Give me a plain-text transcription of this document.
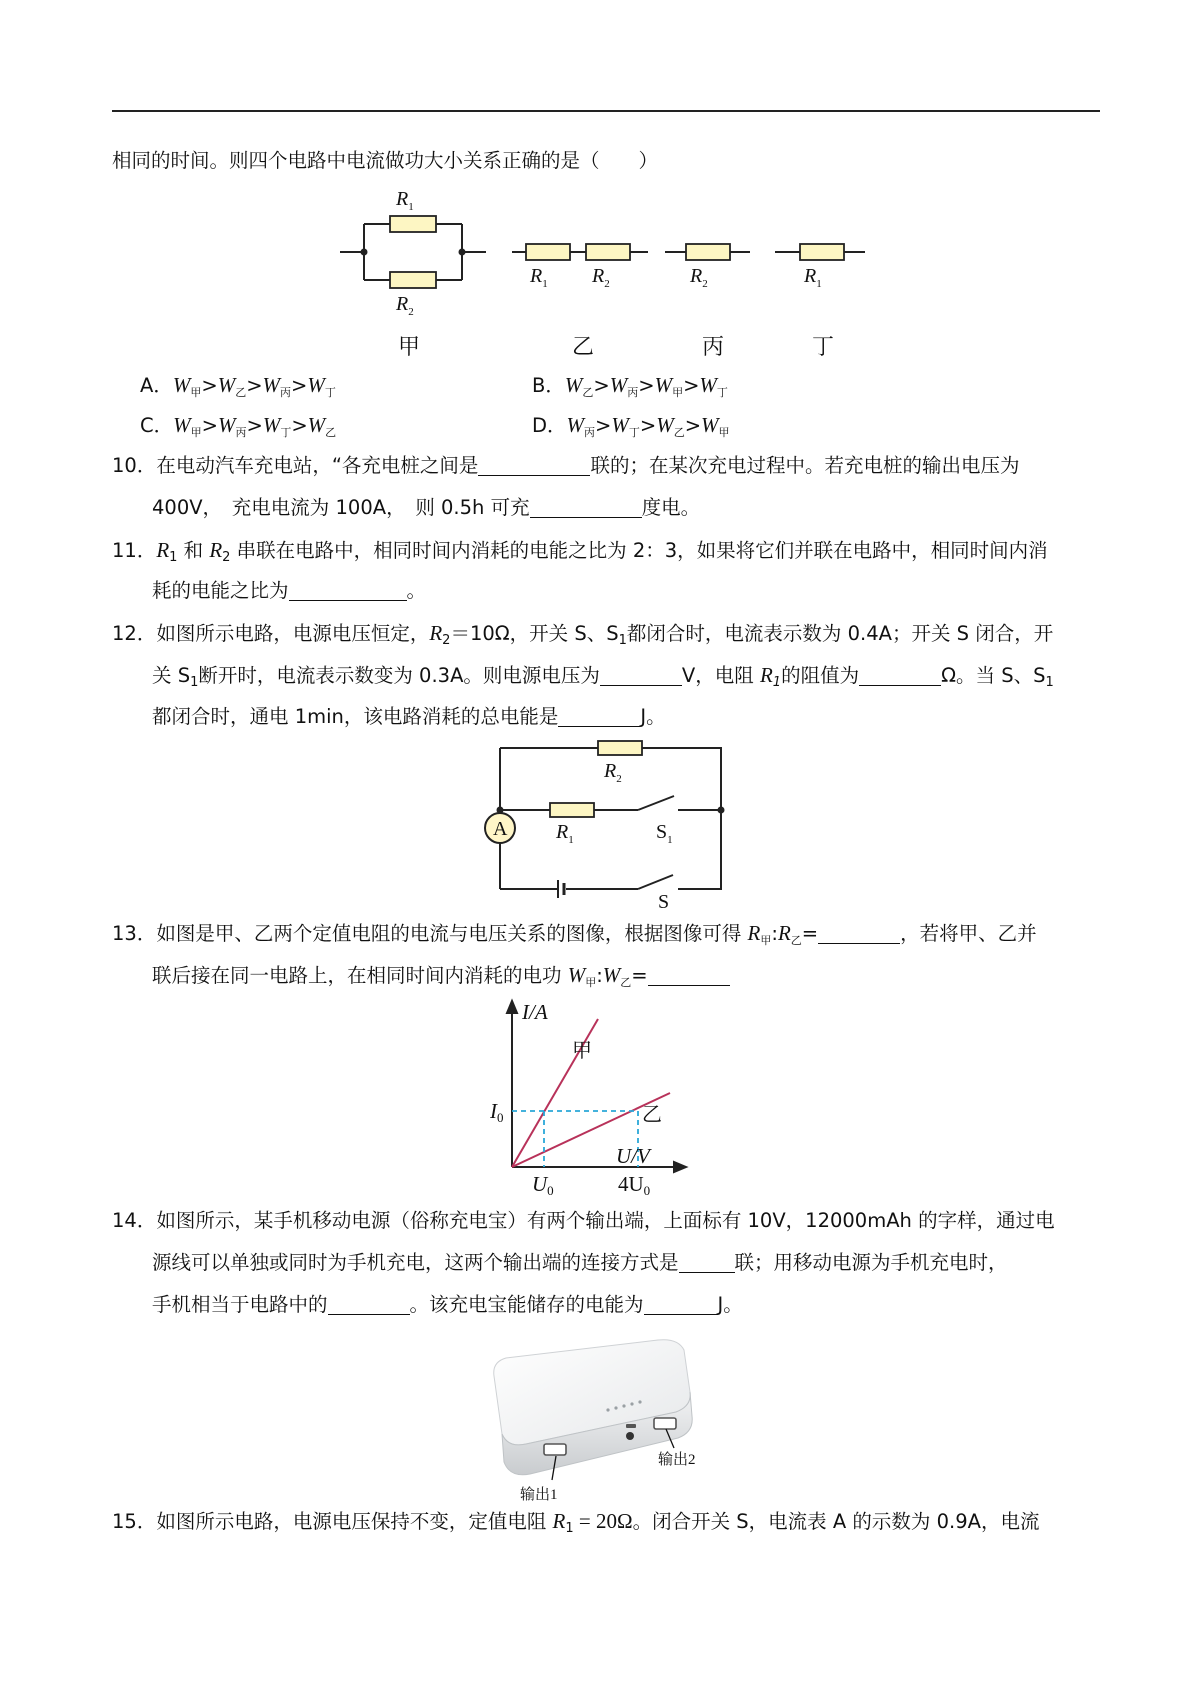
相同的时间。则四个电路中电流做功大小关系正确的是（　　）
$R_1$
$R_2$
$R_1$ $R_2$	$R_2$	$R_1$
甲	乙	丙	丁
A．$W_甲>W_乙>W_丙>W_丁$	B．$W_乙>W_丙>W_甲>W_丁$
C．$W_甲>W_丙>W_丁>W_乙$	D．$W_丙>W_丁>W_乙>W_甲$
10．在电动汽车充电站，“各充电桩之间是	联的；在某次充电过程中。若充电桩的输出电压为
400V，　充电电流为 100A，　则 0.5h 可充	度电。
11．$R_1$ 和 $R_2$ 串联在电路中，相同时间内消耗的电能之比为 2：3，如果将它们并联在电路中，相同时间内消
耗的电能之比为	。
12．如图所示电路，电源电压恒定，$R_2=10\Omega$，开关 S、$S_1$都闭合时，电流表示数为 0.4A；开关 S 闭合，开
关 $S_1$断开时，电流表示数变为 0.3A。则电源电压为	V，电阻 $R_1$的阻值为	Ω。当 S、$S_1$
都闭合时，通电 1min，该电路消耗的总电能是	J。
A
$R_2$
$R_1$	$S_1$
S
13．如图是甲、乙两个定值电阻的电流与电压关系的图像，根据图像可得 $R_甲:R_乙=$	，若将甲、乙并
联后接在同一电路上，在相同时间内消耗的电功 $W_甲:W_乙=$
I/A
U/V
I0
U0	4U0
甲
乙
14．如图所示，某手机移动电源（俗称充电宝）有两个输出端，上面标有 10V，12000mAh 的字样，通过电
源线可以单独或同时为手机充电，这两个输出端的连接方式是	联；用移动电源为手机充电时，
手机相当于电路中的	。该充电宝能储存的电能为	J。
输出1
输出2
15．如图所示电路，电源电压保持不变，定值电阻 $R_1 = 20\Omega$。闭合开关 S，电流表 A 的示数为 0.9A，电流
